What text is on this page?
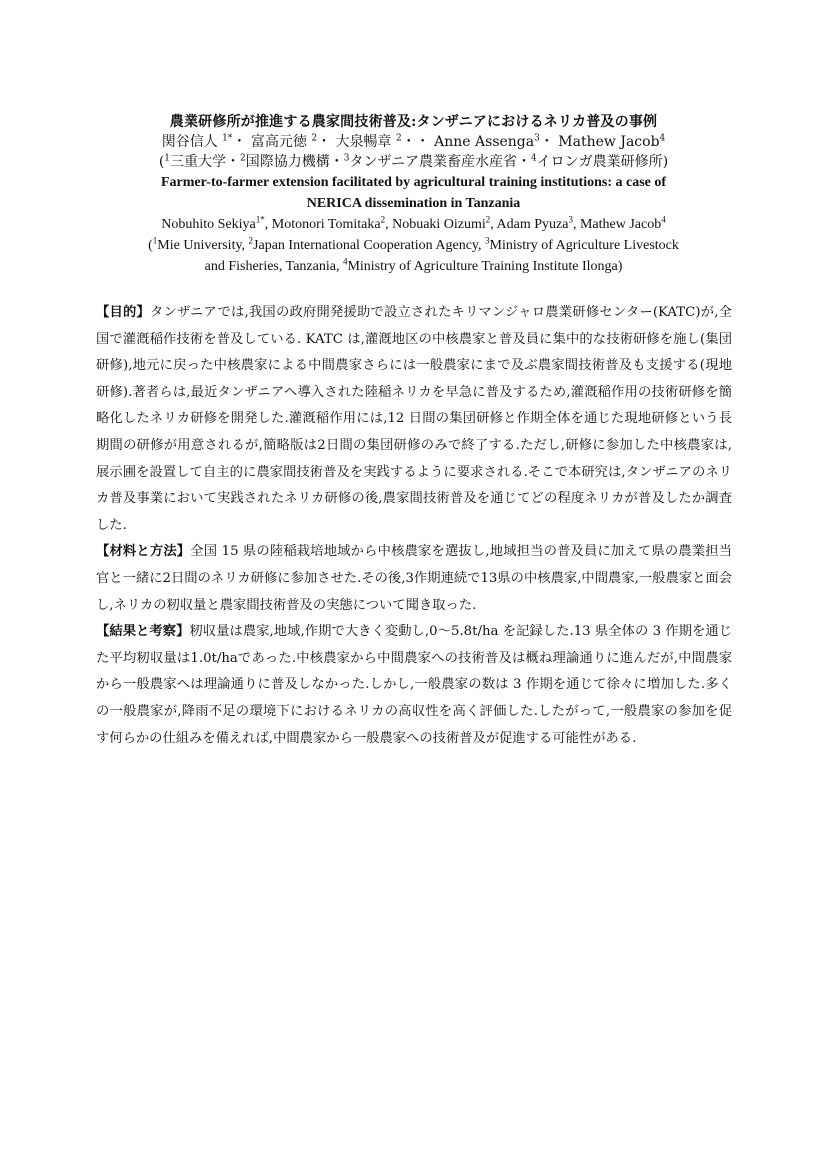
農業研修所が推進する農家間技術普及:タンザニアにおけるネリカ普及の事例
関谷信人 $^{1*}$・ 富高元徳 $^2$・ 大泉暢章 $^2$・・ Anne Assenga$^3$・ Mathew Jacob$^4$
($^1$三重大学・$^2$国際協力機構・$^3$タンザニア農業畜産水産省・$^4$イロンガ農業研修所)
Farmer-to-farmer extension facilitated by agricultural training institutions: a case of
NERICA dissemination in Tanzania
Nobuhito Sekiya$^{1*}$, Motonori Tomitaka$^2$, Nobuaki Oizumi$^2$, Adam Pyuza$^3$, Mathew Jacob$^4$
($^1$Mie University, $^2$Japan International Cooperation Agency, $^3$Ministry of Agriculture Livestock
and Fisheries, Tanzania, $^4$Ministry of Agriculture Training Institute Ilonga)

【目的】タンザニアでは,我国の政府開発援助で設立されたキリマンジャロ農業研修センター(KATC)が,全国で灌漑稲作技術を普及している. KATC は,灌漑地区の中核農家と普及員に集中的な技術研修を施し(集団研修),地元に戻った中核農家による中間農家さらには一般農家にまで及ぶ農家間技術普及も支援する(現地研修).著者らは,最近タンザニアへ導入された陸稲ネリカを早急に普及するため,灌漑稲作用の技術研修を簡略化したネリカ研修を開発した.灌漑稲作用には,12 日間の集団研修と作期全体を通じた現地研修という長期間の研修が用意されるが,簡略版は2日間の集団研修のみで終了する.ただし,研修に参加した中核農家は,展示圃を設置して自主的に農家間技術普及を実践するように要求される.そこで本研究は,タンザニアのネリカ普及事業において実践されたネリカ研修の後,農家間技術普及を通じてどの程度ネリカが普及したか調査した.

【材料と方法】全国 15 県の陸稲栽培地域から中核農家を選抜し,地域担当の普及員に加えて県の農業担当官と一緒に2日間のネリカ研修に参加させた.その後,3作期連続で13県の中核農家,中間農家,一般農家と面会し,ネリカの籾収量と農家間技術普及の実態について聞き取った.

【結果と考察】籾収量は農家,地域,作期で大きく変動し,0〜5.8t/ha を記録した.13 県全体の 3 作期を通じた平均籾収量は1.0t/haであった.中核農家から中間農家への技術普及は概ね理論通りに進んだが,中間農家から一般農家へは理論通りに普及しなかった.しかし,一般農家の数は 3 作期を通じて徐々に増加した.多くの一般農家が,降雨不足の環境下におけるネリカの高収性を高く評価した.したがって,一般農家の参加を促す何らかの仕組みを備えれば,中間農家から一般農家への技術普及が促進する可能性がある.
